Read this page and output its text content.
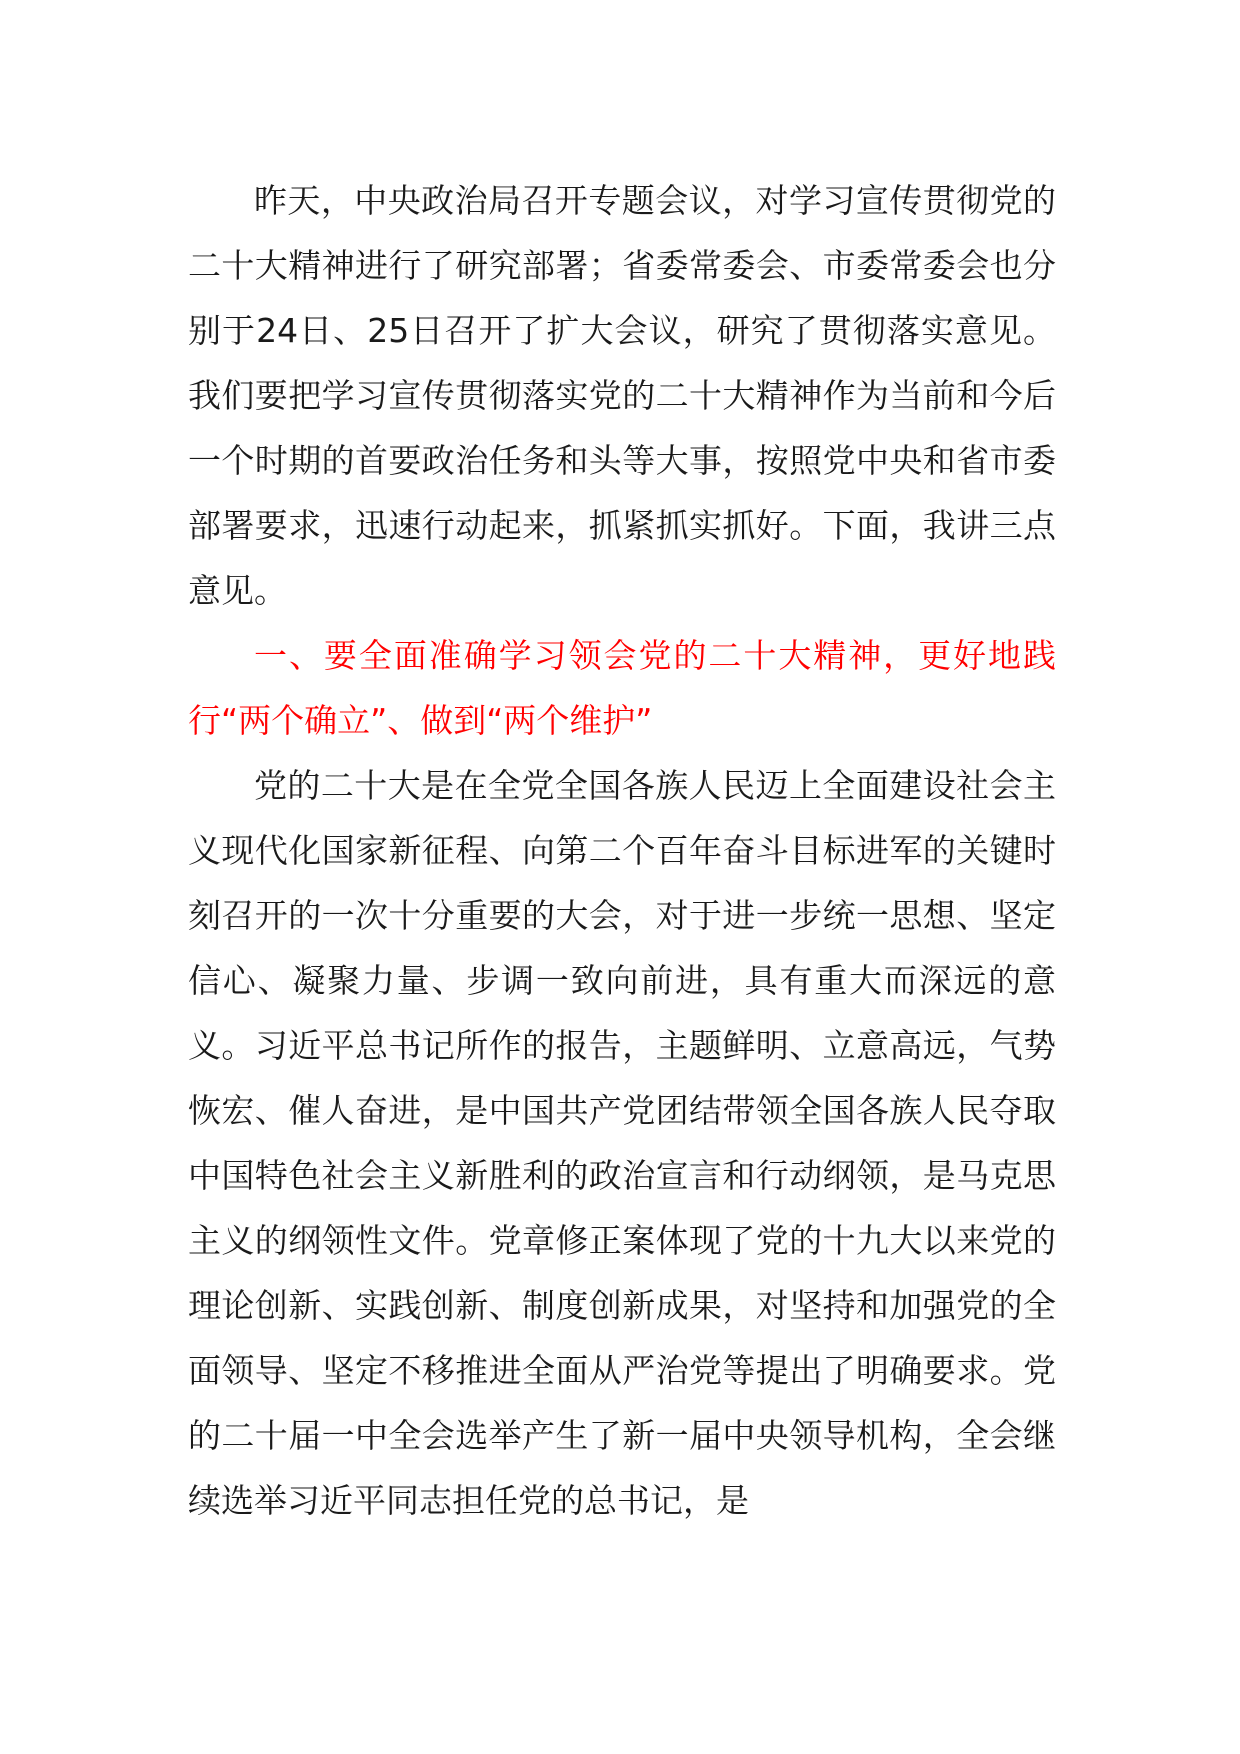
昨天，中央政治局召开专题会议，对学习宣传贯彻党的二十大精神进行了研究部署；省委常委会、市委常委会也分别于24日、25日召开了扩大会议，研究了贯彻落实意见。我们要把学习宣传贯彻落实党的二十大精神作为当前和今后一个时期的首要政治任务和头等大事，按照党中央和省市委部署要求，迅速行动起来，抓紧抓实抓好。下面，我讲三点意见。

一、要全面准确学习领会党的二十大精神，更好地践行“两个确立”、做到“两个维护”

党的二十大是在全党全国各族人民迈上全面建设社会主义现代化国家新征程、向第二个百年奋斗目标进军的关键时刻召开的一次十分重要的大会，对于进一步统一思想、坚定信心、凝聚力量、步调一致向前进，具有重大而深远的意义。习近平总书记所作的报告，主题鲜明、立意高远，气势恢宏、催人奋进，是中国共产党团结带领全国各族人民夺取中国特色社会主义新胜利的政治宣言和行动纲领，是马克思主义的纲领性文件。党章修正案体现了党的十九大以来党的理论创新、实践创新、制度创新成果，对坚持和加强党的全面领导、坚定不移推进全面从严治党等提出了明确要求。党的二十届一中全会选举产生了新一届中央领导机构，全会继续选举习近平同志担任党的总书记，是
